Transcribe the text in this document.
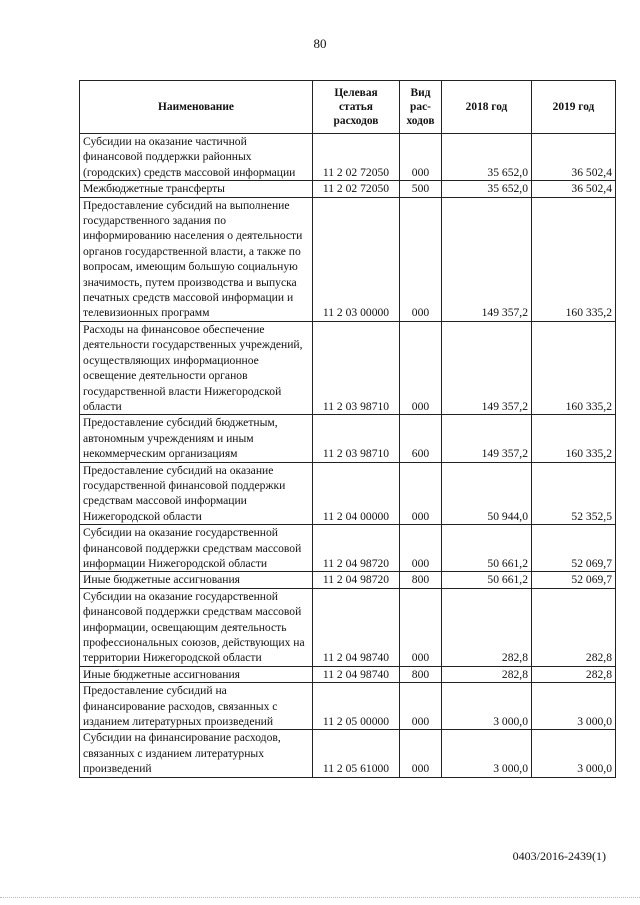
80
Наименование	Целевая статья расходов	Вид рас-ходов	2018 год	2019 год
Субсидии на оказание частичной финансовой поддержки районных (городских) средств массовой информации	11 2 02 72050	000	35 652,0	36 502,4
Межбюджетные трансферты	11 2 02 72050	500	35 652,0	36 502,4
Предоставление субсидий на выполнение государственного задания по информированию населения о деятельности органов государственной власти, а также по вопросам, имеющим большую социальную значимость, путем производства и выпуска печатных средств массовой информации и телевизионных программ	11 2 03 00000	000	149 357,2	160 335,2
Расходы на финансовое обеспечение деятельности государственных учреждений, осуществляющих информационное освещение деятельности органов государственной власти Нижегородской области	11 2 03 98710	000	149 357,2	160 335,2
Предоставление субсидий бюджетным, автономным учреждениям и иным некоммерческим организациям	11 2 03 98710	600	149 357,2	160 335,2
Предоставление субсидий на оказание государственной финансовой поддержки средствам массовой информации Нижегородской области	11 2 04 00000	000	50 944,0	52 352,5
Субсидии на оказание государственной финансовой поддержки средствам массовой информации Нижегородской области	11 2 04 98720	000	50 661,2	52 069,7
Иные бюджетные ассигнования	11 2 04 98720	800	50 661,2	52 069,7
Субсидии на оказание государственной финансовой поддержки средствам массовой информации, освещающим деятельность профессиональных союзов, действующих на территории Нижегородской области	11 2 04 98740	000	282,8	282,8
Иные бюджетные ассигнования	11 2 04 98740	800	282,8	282,8
Предоставление субсидий на финансирование расходов, связанных с изданием литературных произведений	11 2 05 00000	000	3 000,0	3 000,0
Субсидии на финансирование расходов, связанных с изданием литературных произведений	11 2 05 61000	000	3 000,0	3 000,0
0403/2016-2439(1)
